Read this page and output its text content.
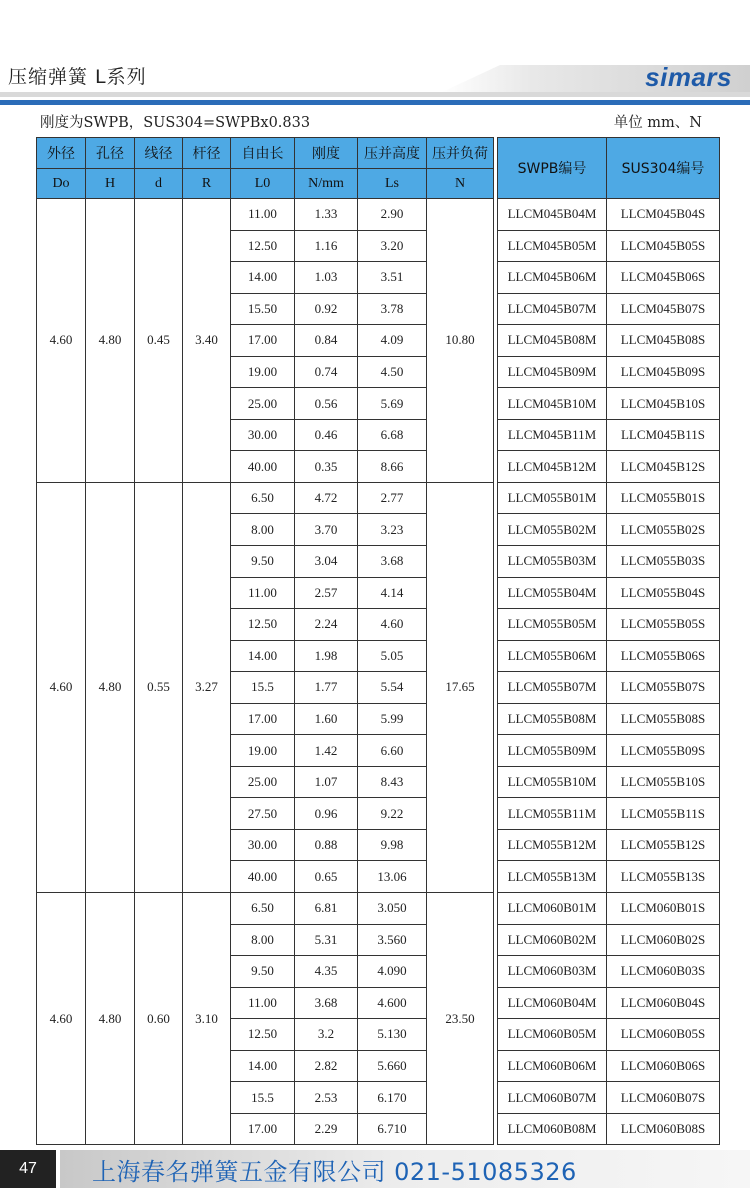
压缩弹簧 L系列	simars
刚度为SWPB，SUS304=SWPBx0.833	单位 mm、N
外径	孔径	线径	杆径	自由长	刚度	压并高度	压并负荷		SWPB编号	SUS304编号
Do	H	d	R	L0	N/mm	Ls	N			
4.60	4.80	0.45	3.40	11.00	1.33	2.90	10.80		LLCM045B04M	LLCM045B04S
				12.50	1.16	3.20			LLCM045B05M	LLCM045B05S
				14.00	1.03	3.51			LLCM045B06M	LLCM045B06S
				15.50	0.92	3.78			LLCM045B07M	LLCM045B07S
				17.00	0.84	4.09			LLCM045B08M	LLCM045B08S
				19.00	0.74	4.50			LLCM045B09M	LLCM045B09S
				25.00	0.56	5.69			LLCM045B10M	LLCM045B10S
				30.00	0.46	6.68			LLCM045B11M	LLCM045B11S
				40.00	0.35	8.66			LLCM045B12M	LLCM045B12S
4.60	4.80	0.55	3.27	6.50	4.72	2.77	17.65		LLCM055B01M	LLCM055B01S
				8.00	3.70	3.23			LLCM055B02M	LLCM055B02S
				9.50	3.04	3.68			LLCM055B03M	LLCM055B03S
				11.00	2.57	4.14			LLCM055B04M	LLCM055B04S
				12.50	2.24	4.60			LLCM055B05M	LLCM055B05S
				14.00	1.98	5.05			LLCM055B06M	LLCM055B06S
				15.5	1.77	5.54			LLCM055B07M	LLCM055B07S
				17.00	1.60	5.99			LLCM055B08M	LLCM055B08S
				19.00	1.42	6.60			LLCM055B09M	LLCM055B09S
				25.00	1.07	8.43			LLCM055B10M	LLCM055B10S
				27.50	0.96	9.22			LLCM055B11M	LLCM055B11S
				30.00	0.88	9.98			LLCM055B12M	LLCM055B12S
				40.00	0.65	13.06			LLCM055B13M	LLCM055B13S
4.60	4.80	0.60	3.10	6.50	6.81	3.050	23.50		LLCM060B01M	LLCM060B01S
				8.00	5.31	3.560			LLCM060B02M	LLCM060B02S
				9.50	4.35	4.090			LLCM060B03M	LLCM060B03S
				11.00	3.68	4.600			LLCM060B04M	LLCM060B04S
				12.50	3.2	5.130			LLCM060B05M	LLCM060B05S
				14.00	2.82	5.660			LLCM060B06M	LLCM060B06S
				15.5	2.53	6.170			LLCM060B07M	LLCM060B07S
				17.00	2.29	6.710			LLCM060B08M	LLCM060B08S
47	上海春名弹簧五金有限公司 021-51085326
